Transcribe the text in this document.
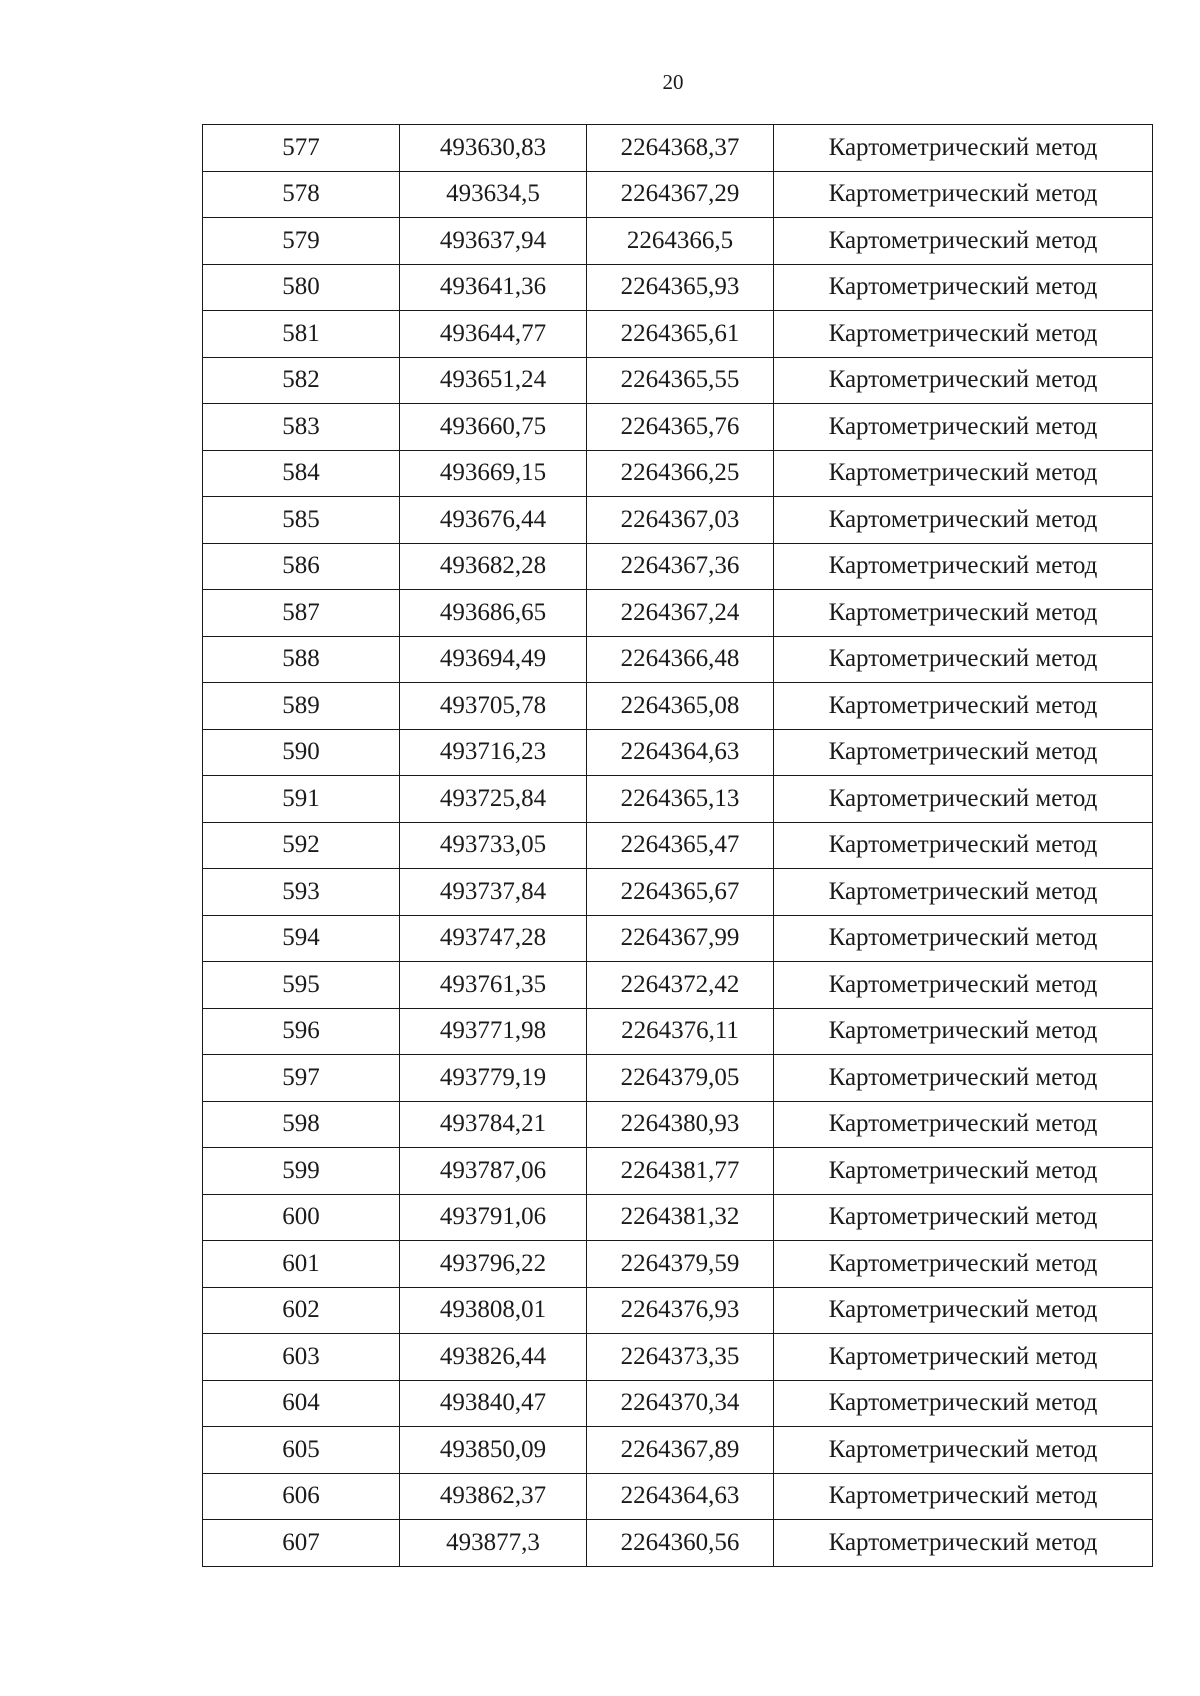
20
577	493630,83	2264368,37	Картометрический метод
578	493634,5	2264367,29	Картометрический метод
579	493637,94	2264366,5	Картометрический метод
580	493641,36	2264365,93	Картометрический метод
581	493644,77	2264365,61	Картометрический метод
582	493651,24	2264365,55	Картометрический метод
583	493660,75	2264365,76	Картометрический метод
584	493669,15	2264366,25	Картометрический метод
585	493676,44	2264367,03	Картометрический метод
586	493682,28	2264367,36	Картометрический метод
587	493686,65	2264367,24	Картометрический метод
588	493694,49	2264366,48	Картометрический метод
589	493705,78	2264365,08	Картометрический метод
590	493716,23	2264364,63	Картометрический метод
591	493725,84	2264365,13	Картометрический метод
592	493733,05	2264365,47	Картометрический метод
593	493737,84	2264365,67	Картометрический метод
594	493747,28	2264367,99	Картометрический метод
595	493761,35	2264372,42	Картометрический метод
596	493771,98	2264376,11	Картометрический метод
597	493779,19	2264379,05	Картометрический метод
598	493784,21	2264380,93	Картометрический метод
599	493787,06	2264381,77	Картометрический метод
600	493791,06	2264381,32	Картометрический метод
601	493796,22	2264379,59	Картометрический метод
602	493808,01	2264376,93	Картометрический метод
603	493826,44	2264373,35	Картометрический метод
604	493840,47	2264370,34	Картометрический метод
605	493850,09	2264367,89	Картометрический метод
606	493862,37	2264364,63	Картометрический метод
607	493877,3	2264360,56	Картометрический метод
